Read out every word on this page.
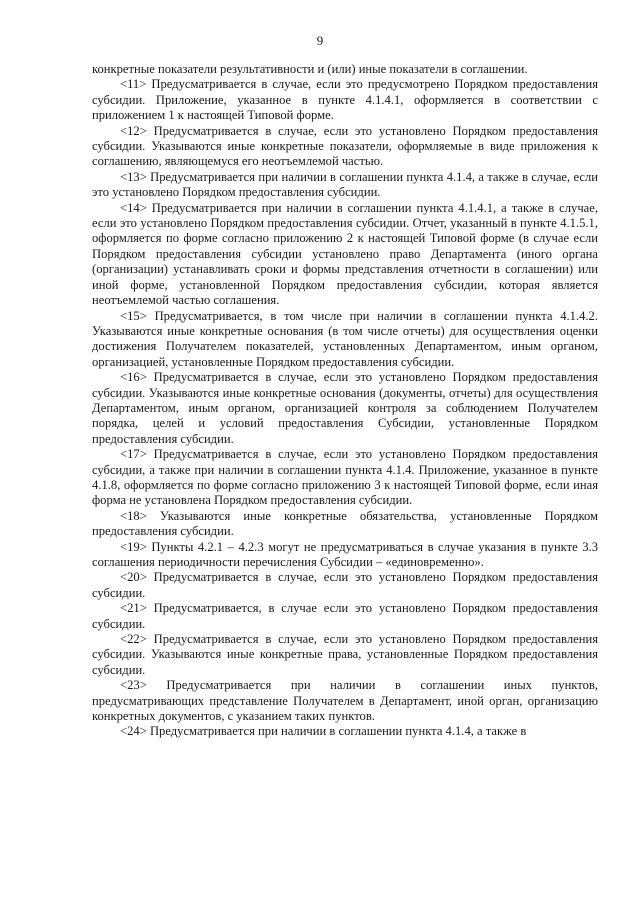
9

конкретные показатели результативности и (или) иные показатели в соглашении.

<11> Предусматривается в случае, если это предусмотрено Порядком предоставления субсидии. Приложение, указанное в пункте 4.1.4.1, оформляется в соответствии с приложением 1 к настоящей Типовой форме.

<12> Предусматривается в случае, если это установлено Порядком предоставления субсидии. Указываются иные конкретные показатели, оформляемые в виде приложения к соглашению, являющемуся его неотъемлемой частью.

<13> Предусматривается при наличии в соглашении пункта 4.1.4, а также в случае, если это установлено Порядком предоставления субсидии.

<14> Предусматривается при наличии в соглашении пункта 4.1.4.1, а также в случае, если это установлено Порядком предоставления субсидии. Отчет, указанный в пункте 4.1.5.1, оформляется по форме согласно приложению 2 к настоящей Типовой форме (в случае если Порядком предоставления субсидии установлено право Департамента (иного органа (организации) устанавливать сроки и формы представления отчетности в соглашении) или иной форме, установленной Порядком предоставления субсидии, которая является неотъемлемой частью соглашения.

<15> Предусматривается, в том числе при наличии в соглашении пункта 4.1.4.2. Указываются иные конкретные основания (в том числе отчеты) для осуществления оценки достижения Получателем показателей, установленных Департаментом, иным органом, организацией, установленные Порядком предоставления субсидии.

<16> Предусматривается в случае, если это установлено Порядком предоставления субсидии. Указываются иные конкретные основания (документы, отчеты) для осуществления Департаментом, иным органом, организацией контроля за соблюдением Получателем порядка, целей и условий предоставления Субсидии, установленные Порядком предоставления субсидии.

<17> Предусматривается в случае, если это установлено Порядком предоставления субсидии, а также при наличии в соглашении пункта 4.1.4. Приложение, указанное в пункте 4.1.8, оформляется по форме согласно приложению 3 к настоящей Типовой форме, если иная форма не установлена Порядком предоставления субсидии.

<18> Указываются иные конкретные обязательства, установленные Порядком предоставления субсидии.

<19> Пункты 4.2.1 – 4.2.3 могут не предусматриваться в случае указания в пункте 3.3 соглашения периодичности перечисления Субсидии – «единовременно».

<20> Предусматривается в случае, если это установлено Порядком предоставления субсидии.

<21> Предусматривается, в случае если это установлено Порядком предоставления субсидии.

<22> Предусматривается в случае, если это установлено Порядком предоставления субсидии. Указываются иные конкретные права, установленные Порядком предоставления субсидии.

<23> Предусматривается при наличии в соглашении иных пунктов, предусматривающих представление Получателем в Департамент, иной орган, организацию конкретных документов, с указанием таких пунктов.

<24> Предусматривается при наличии в соглашении пункта 4.1.4, а также в
